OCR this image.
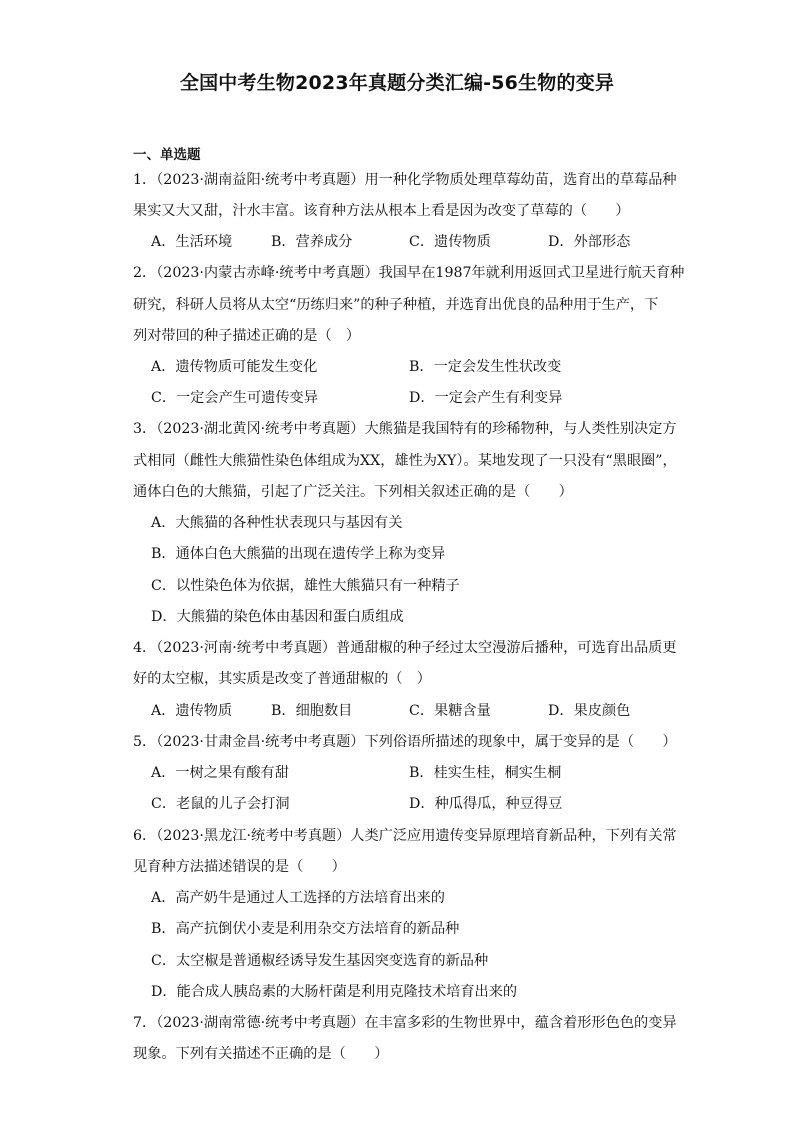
全国中考生物2023年真题分类汇编-56生物的变异
一、单选题
1．（2023·湖南益阳·统考中考真题）用一种化学物质处理草莓幼苗，选育出的草莓品种
果实又大又甜，汁水丰富。该育种方法从根本上看是因为改变了草莓的（　　）
A．生活环境	B．营养成分	C．遗传物质	D．外部形态
2．（2023·内蒙古赤峰·统考中考真题）我国早在1987年就利用返回式卫星进行航天育种
研究，科研人员将从太空“历练归来”的种子种植，并选育出优良的品种用于生产，下
列对带回的种子描述正确的是（　）
A．遗传物质可能发生变化	B．一定会发生性状改变
C．一定会产生可遗传变异	D．一定会产生有利变异
3．（2023·湖北黄冈·统考中考真题）大熊猫是我国特有的珍稀物种，与人类性别决定方
式相同（雌性大熊猫性染色体组成为XX，雄性为XY）。某地发现了一只没有“黑眼圈”，
通体白色的大熊猫，引起了广泛关注。下列相关叙述正确的是（　　）
A．大熊猫的各种性状表现只与基因有关
B．通体白色大熊猫的出现在遗传学上称为变异
C．以性染色体为依据，雄性大熊猫只有一种精子
D．大熊猫的染色体由基因和蛋白质组成
4．（2023·河南·统考中考真题）普通甜椒的种子经过太空漫游后播种，可选育出品质更
好的太空椒，其实质是改变了普通甜椒的（　）
A．遗传物质	B．细胞数目	C．果糖含量	D．果皮颜色
5．（2023·甘肃金昌·统考中考真题）下列俗语所描述的现象中，属于变异的是（　　）
A．一树之果有酸有甜	B．桂实生桂，桐实生桐
C．老鼠的儿子会打洞	D．种瓜得瓜，种豆得豆
6．（2023·黑龙江·统考中考真题）人类广泛应用遗传变异原理培育新品种，下列有关常
见育种方法描述错误的是（　　）
A．高产奶牛是通过人工选择的方法培育出来的
B．高产抗倒伏小麦是利用杂交方法培育的新品种
C．太空椒是普通椒经诱导发生基因突变选育的新品种
D．能合成人胰岛素的大肠杆菌是利用克隆技术培育出来的
7．（2023·湖南常德·统考中考真题）在丰富多彩的生物世界中，蕴含着形形色色的变异
现象。下列有关描述不正确的是（　　）
